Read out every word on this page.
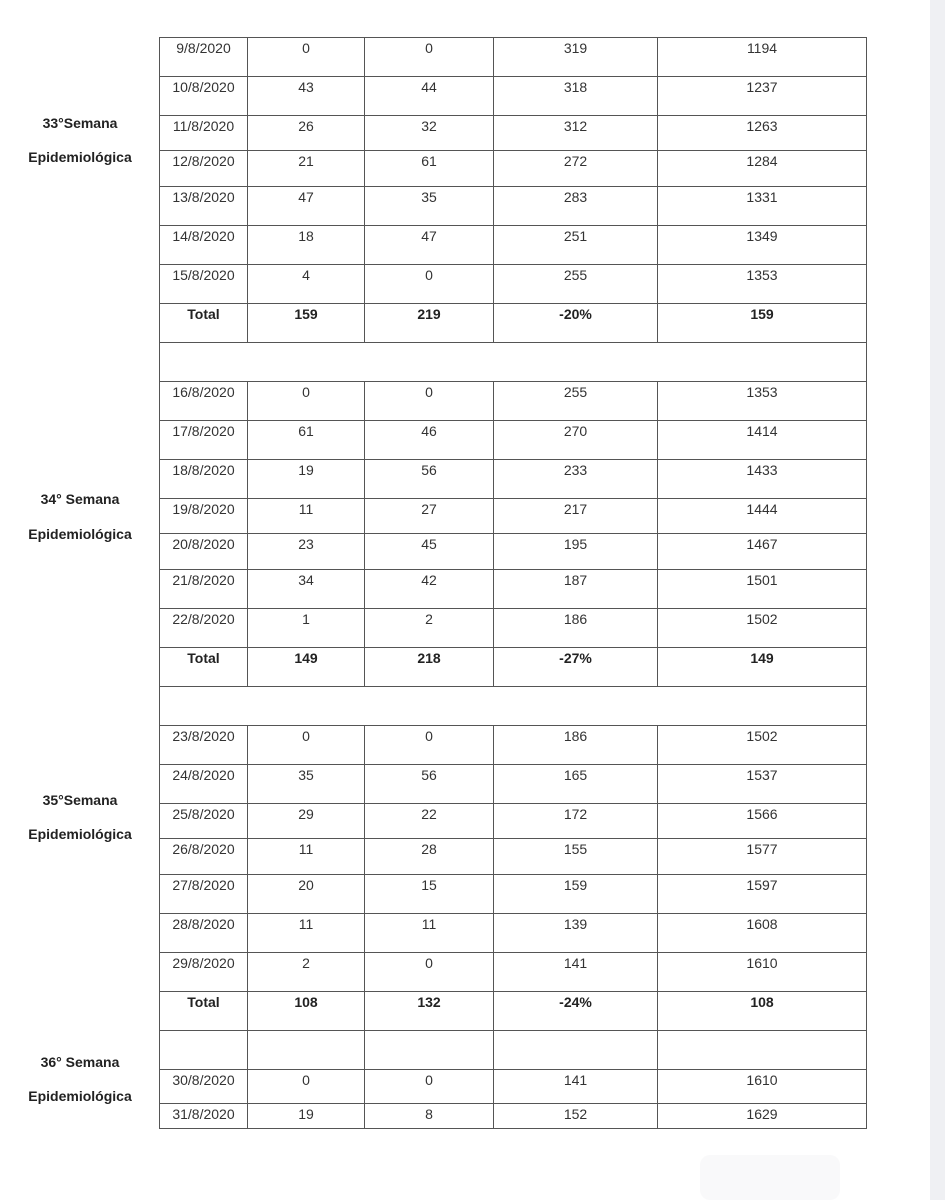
33°Semana
Epidemiológica
34° Semana
Epidemiológica
35°Semana
Epidemiológica
36° Semana
Epidemiológica
9/8/2020	0	0	319	1194
10/8/2020	43	44	318	1237
11/8/2020	26	32	312	1263
12/8/2020	21	61	272	1284
13/8/2020	47	35	283	1331
14/8/2020	18	47	251	1349
15/8/2020	4	0	255	1353
Total	159	219	-20%	159

16/8/2020	0	0	255	1353
17/8/2020	61	46	270	1414
18/8/2020	19	56	233	1433
19/8/2020	11	27	217	1444
20/8/2020	23	45	195	1467
21/8/2020	34	42	187	1501
22/8/2020	1	2	186	1502
Total	149	218	-27%	149

23/8/2020	0	0	186	1502
24/8/2020	35	56	165	1537
25/8/2020	29	22	172	1566
26/8/2020	11	28	155	1577
27/8/2020	20	15	159	1597
28/8/2020	11	11	139	1608
29/8/2020	2	0	141	1610
Total	108	132	-24%	108

30/8/2020	0	0	141	1610
31/8/2020	19	8	152	1629
